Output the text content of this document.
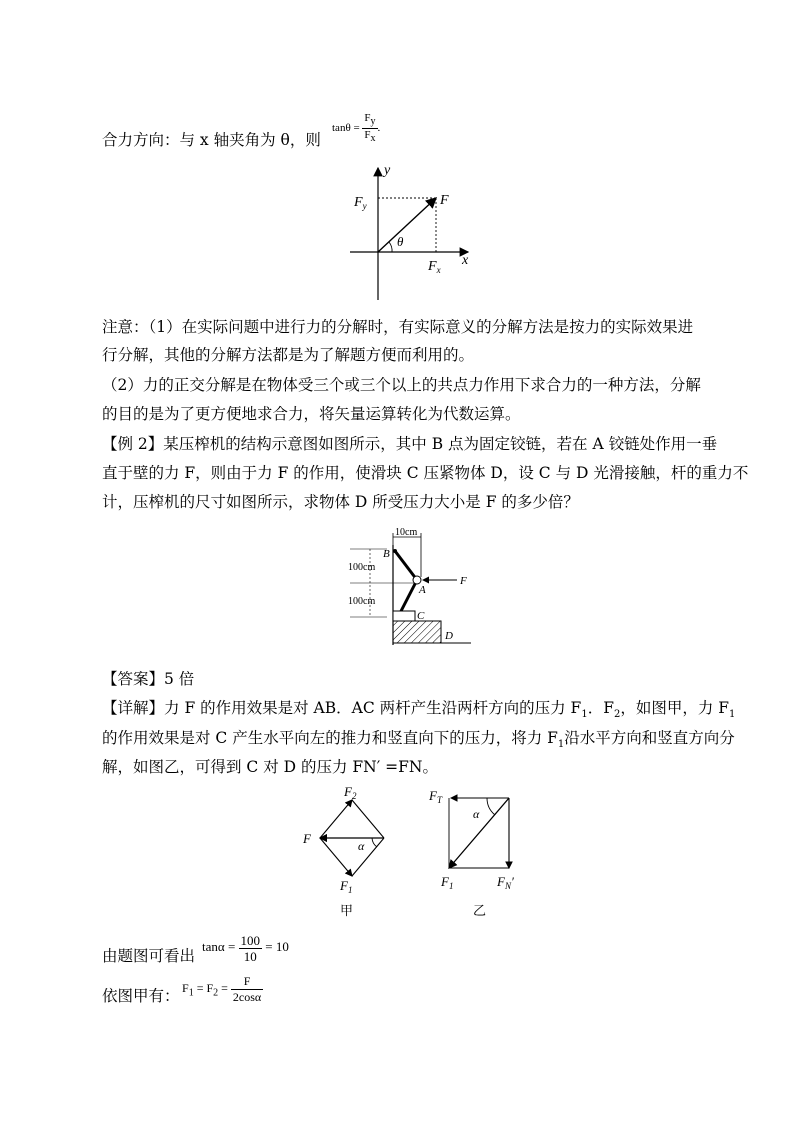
合力方向：与 x 轴夹角为 θ，则
$\tan\theta = \frac{F_y}{F_x}$ .
y
x
$F_y$
$F_x$
F
θ
注意：（1）在实际问题中进行力的分解时，有实际意义的分解方法是按力的实际效果进
行分解，其他的分解方法都是为了解题方便而利用的。
（2）力的正交分解是在物体受三个或三个以上的共点力作用下求合力的一种方法，分解
的目的是为了更方便地求合力，将矢量运算转化为代数运算。
【例 2】某压榨机的结构示意图如图所示，其中 B 点为固定铰链，若在 A 铰链处作用一垂
直于壁的力 F，则由于力 F 的作用，使滑块 C 压紧物体 D，设 C 与 D 光滑接触，杆的重力不
计，压榨机的尺寸如图所示，求物体 D 所受压力大小是 F 的多少倍？
10cm
100cm
100cm
B
A
C
D
F
【答案】5 倍
【详解】力 F 的作用效果是对 AB．AC 两杆产生沿两杆方向的压力 $F_1$．$F_2$，如图甲，力 $F_1$
的作用效果是对 C 产生水平向左的推力和竖直向下的压力，将力 $F_1$沿水平方向和竖直方向分
解，如图乙，可得到 C 对 D 的压力 FN′ =FN。
$F_2$
F	α
$F_1$
甲
$F_T$
α
$F_1$	$F_N'$
乙
由题图可看出
$\tan\alpha = \frac{100}{10} = 10$
依图甲有： $F_1 = F_2 = \frac{F}{2\cos\alpha}$
